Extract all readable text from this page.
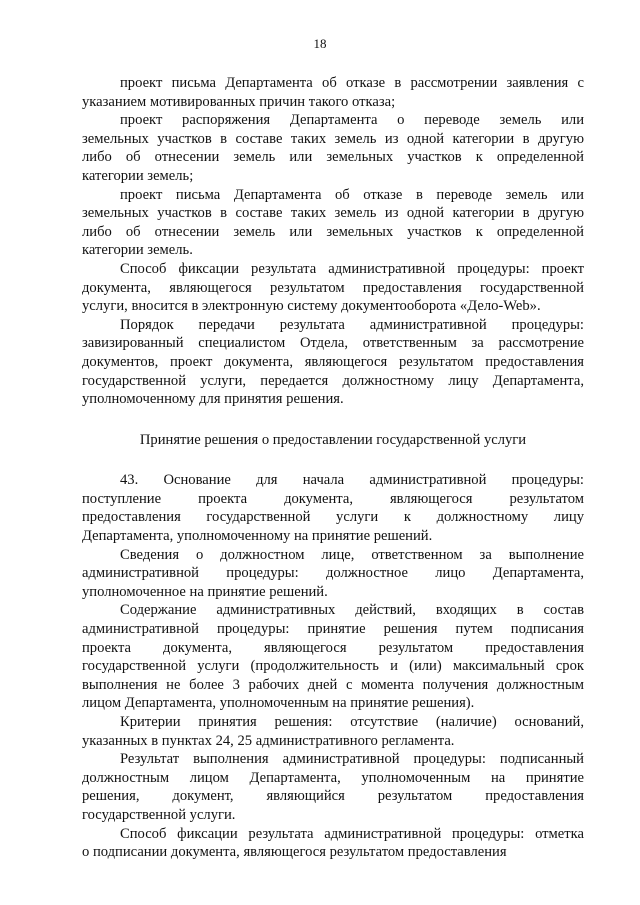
18
проект письма Департамента об отказе в рассмотрении заявления с
указанием мотивированных причин такого отказа;
проект распоряжения Департамента о переводе земель или
земельных участков в составе таких земель из одной категории в другую
либо об отнесении земель или земельных участков к определенной
категории земель;
проект письма Департамента об отказе в переводе земель или
земельных участков в составе таких земель из одной категории в другую
либо об отнесении земель или земельных участков к определенной
категории земель.
Способ фиксации результата административной процедуры: проект
документа, являющегося результатом предоставления государственной
услуги, вносится в электронную систему документооборота «Дело-Web».
Порядок передачи результата административной процедуры:
завизированный специалистом Отдела, ответственным за рассмотрение
документов, проект документа, являющегося результатом предоставления
государственной услуги, передается должностному лицу Департамента,
уполномоченному для принятия решения.
Принятие решения о предоставлении государственной услуги
43. Основание для начала административной процедуры:
поступление проекта документа, являющегося результатом
предоставления государственной услуги к должностному лицу
Департамента, уполномоченному на принятие решений.
Сведения о должностном лице, ответственном за выполнение
административной процедуры: должностное лицо Департамента,
уполномоченное на принятие решений.
Содержание административных действий, входящих в состав
административной процедуры: принятие решения путем подписания
проекта документа, являющегося результатом предоставления
государственной услуги (продолжительность и (или) максимальный срок
выполнения не более 3 рабочих дней с момента получения должностным
лицом Департамента, уполномоченным на принятие решения).
Критерии принятия решения: отсутствие (наличие) оснований,
указанных в пунктах 24, 25 административного регламента.
Результат выполнения административной процедуры: подписанный
должностным лицом Департамента, уполномоченным на принятие
решения, документ, являющийся результатом предоставления
государственной услуги.
Способ фиксации результата административной процедуры: отметка
о подписании документа, являющегося результатом предоставления
